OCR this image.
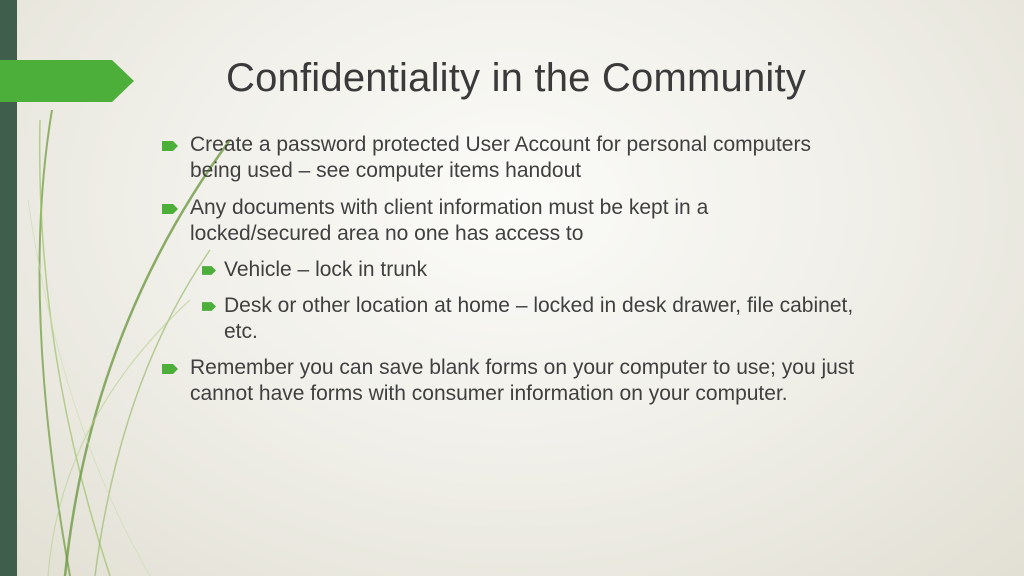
Confidentiality in the Community
Create a password protected User Account for personal computers being used – see computer items handout
Any documents with client information must be kept in a locked/secured area no one has access to
Vehicle – lock in trunk
Desk or other location at home – locked in desk drawer, file cabinet, etc.
Remember you can save blank forms on your computer to use; you just cannot have forms with consumer information on your computer.
